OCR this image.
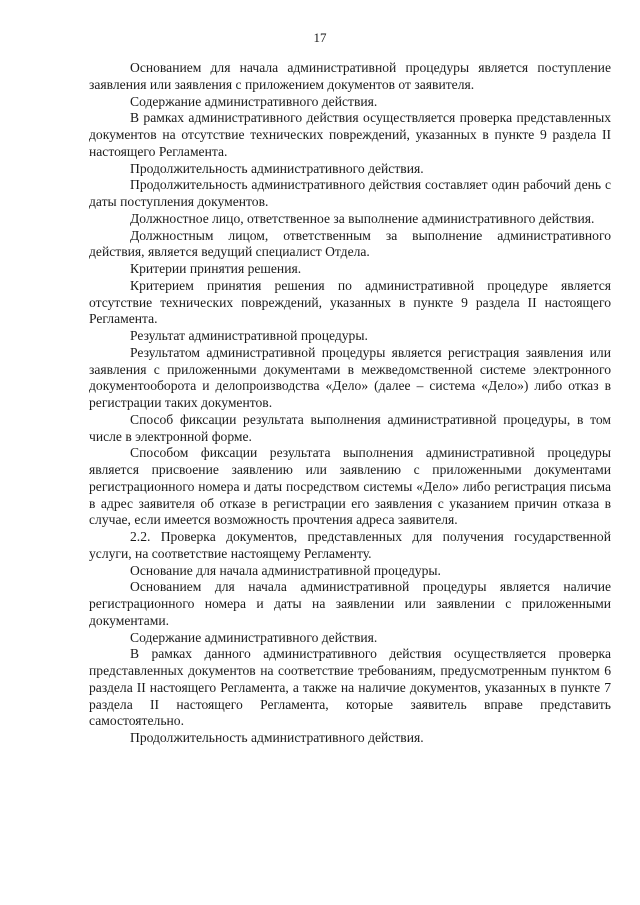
17

Основанием для начала административной процедуры является поступление заявления или заявления с приложением документов от заявителя.

Содержание административного действия.

В рамках административного действия осуществляется проверка представленных документов на отсутствие технических повреждений, указанных в пункте 9 раздела II настоящего Регламента.

Продолжительность административного действия.

Продолжительность административного действия составляет один рабочий день с даты поступления документов.

Должностное лицо, ответственное за выполнение административного действия.

Должностным лицом, ответственным за выполнение административного действия, является ведущий специалист Отдела.

Критерии принятия решения.

Критерием принятия решения по административной процедуре является отсутствие технических повреждений, указанных в пункте 9 раздела II настоящего Регламента.

Результат административной процедуры.

Результатом административной процедуры является регистрация заявления или заявления с приложенными документами в межведомственной системе электронного документооборота и делопроизводства «Дело» (далее – система «Дело») либо отказ в регистрации таких документов.

Способ фиксации результата выполнения административной процедуры, в том числе в электронной форме.

Способом фиксации результата выполнения административной процедуры является присвоение заявлению или заявлению с приложенными документами регистрационного номера и даты посредством системы «Дело» либо регистрация письма в адрес заявителя об отказе в регистрации его заявления с указанием причин отказа в случае, если имеется возможность прочтения адреса заявителя.

2.2. Проверка документов, представленных для получения государственной услуги, на соответствие настоящему Регламенту.

Основание для начала административной процедуры.

Основанием для начала административной процедуры является наличие регистрационного номера и даты на заявлении или заявлении с приложенными документами.

Содержание административного действия.

В рамках данного административного действия осуществляется проверка представленных документов на соответствие требованиям, предусмотренным пунктом 6 раздела II настоящего Регламента, а также на наличие документов, указанных в пункте 7 раздела II настоящего Регламента, которые заявитель вправе представить самостоятельно.

Продолжительность административного действия.
